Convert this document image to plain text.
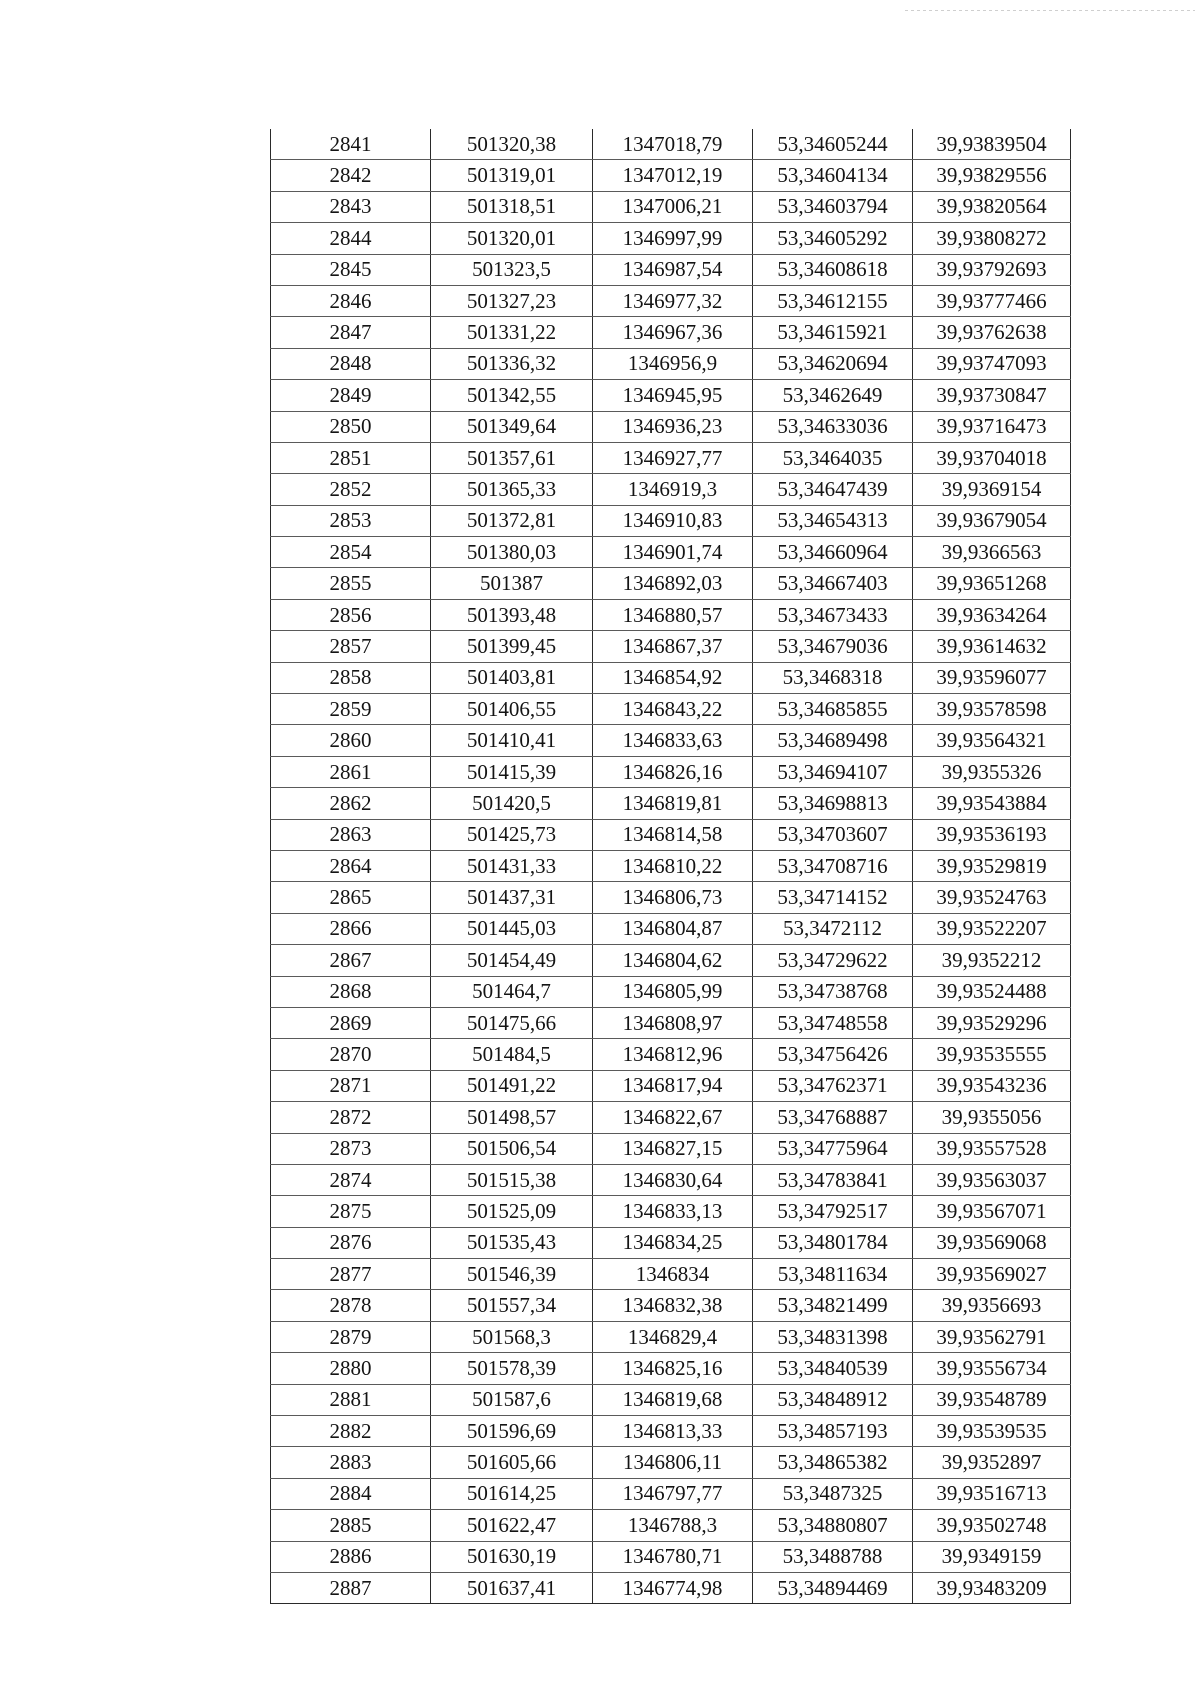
2841	501320,38	1347018,79	53,34605244	39,93839504
2842	501319,01	1347012,19	53,34604134	39,93829556
2843	501318,51	1347006,21	53,34603794	39,93820564
2844	501320,01	1346997,99	53,34605292	39,93808272
2845	501323,5	1346987,54	53,34608618	39,93792693
2846	501327,23	1346977,32	53,34612155	39,93777466
2847	501331,22	1346967,36	53,34615921	39,93762638
2848	501336,32	1346956,9	53,34620694	39,93747093
2849	501342,55	1346945,95	53,3462649	39,93730847
2850	501349,64	1346936,23	53,34633036	39,93716473
2851	501357,61	1346927,77	53,3464035	39,93704018
2852	501365,33	1346919,3	53,34647439	39,9369154
2853	501372,81	1346910,83	53,34654313	39,93679054
2854	501380,03	1346901,74	53,34660964	39,9366563
2855	501387	1346892,03	53,34667403	39,93651268
2856	501393,48	1346880,57	53,34673433	39,93634264
2857	501399,45	1346867,37	53,34679036	39,93614632
2858	501403,81	1346854,92	53,3468318	39,93596077
2859	501406,55	1346843,22	53,34685855	39,93578598
2860	501410,41	1346833,63	53,34689498	39,93564321
2861	501415,39	1346826,16	53,34694107	39,9355326
2862	501420,5	1346819,81	53,34698813	39,93543884
2863	501425,73	1346814,58	53,34703607	39,93536193
2864	501431,33	1346810,22	53,34708716	39,93529819
2865	501437,31	1346806,73	53,34714152	39,93524763
2866	501445,03	1346804,87	53,3472112	39,93522207
2867	501454,49	1346804,62	53,34729622	39,9352212
2868	501464,7	1346805,99	53,34738768	39,93524488
2869	501475,66	1346808,97	53,34748558	39,93529296
2870	501484,5	1346812,96	53,34756426	39,93535555
2871	501491,22	1346817,94	53,34762371	39,93543236
2872	501498,57	1346822,67	53,34768887	39,9355056
2873	501506,54	1346827,15	53,34775964	39,93557528
2874	501515,38	1346830,64	53,34783841	39,93563037
2875	501525,09	1346833,13	53,34792517	39,93567071
2876	501535,43	1346834,25	53,34801784	39,93569068
2877	501546,39	1346834	53,34811634	39,93569027
2878	501557,34	1346832,38	53,34821499	39,9356693
2879	501568,3	1346829,4	53,34831398	39,93562791
2880	501578,39	1346825,16	53,34840539	39,93556734
2881	501587,6	1346819,68	53,34848912	39,93548789
2882	501596,69	1346813,33	53,34857193	39,93539535
2883	501605,66	1346806,11	53,34865382	39,9352897
2884	501614,25	1346797,77	53,3487325	39,93516713
2885	501622,47	1346788,3	53,34880807	39,93502748
2886	501630,19	1346780,71	53,3488788	39,9349159
2887	501637,41	1346774,98	53,34894469	39,93483209
